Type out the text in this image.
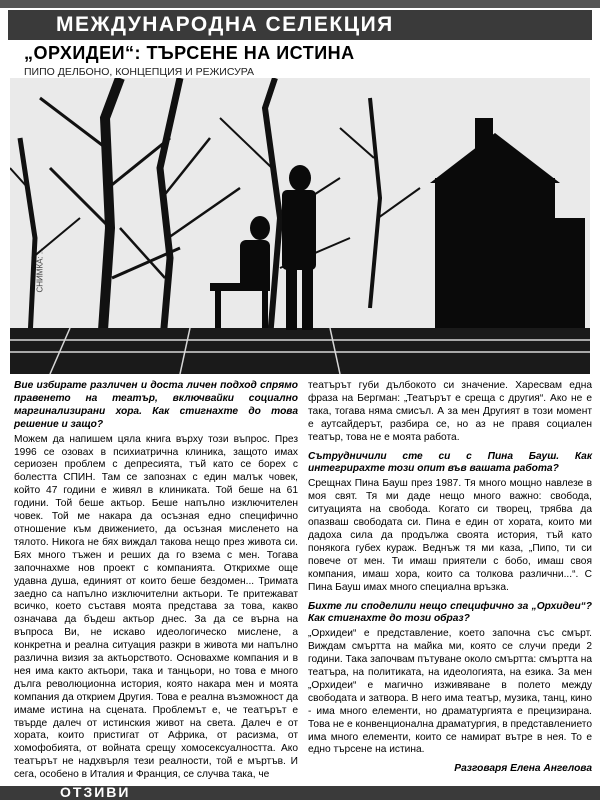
МЕЖДУНАРОДНА СЕЛЕКЦИЯ
„ОРХИДЕИ“: ТЪРСЕНЕ НА ИСТИНА
ПИПО ДЕЛБОНО, КОНЦЕПЦИЯ И РЕЖИСУРА
СНИМКА: ...
Вие избирате различен и доста личен подход спрямо правенето на театър, включвайки социално маргинализирани хора. Как стигнахте до това решение и защо?
Можем да напишем цяла книга върху този въпрос. През 1996 се озовах в психиатрична клиника, защото имах сериозен проблем с депресията, тъй като се борех с болестта СПИН. Там се запознах с един малък човек, който 47 години е живял в клиниката. Той беше на 61 години. Той беше актьор. Беше напълно изключителен човек. Той ме накара да осъзная едно специфично отношение към движението, да осъзная мисленето на тялото. Никога не бях виждал такова нещо през живота си. Бях много тъжен и реших да го взема с мен. Тогава започнахме нов проект с компанията. Открихме още удавна душа, единият от които беше бездомен... Тримата заедно са напълно изключителни актьори. Те притежават всичко, което съставя моята представа за това, какво означава да бъдеш актьор днес. За да се върна на въпроса Ви, не искаво идеологическо мислене, а конкретна и реална ситуация разкри в живота ми напълно различна визия за актьорството. Основахме компания и в нея има както актьори, така и танцьори, но това е много дълга революционна история, която накара мен и моята компания да открием Другия. Това е реална възможност да имаме истина на сцената. Проблемът е, че театърът е твърде далеч от истинския живот на света. Далеч е от хората, които пристигат от Африка, от расизма, от хомофобията, от войната срещу хомосексуалността. Ако театърът не надхвърля тези реалности, той е мъртъв. И сега, особено в Италия и Франция, се случва така, че
театърът губи дълбокото си значение. Харесвам една фраза на Бергман: „Театърът е среща с другия“. Ако не е така, тогава няма смисъл. А за мен Другият в този момент е аутсайдерът, разбира се, но аз не правя социален театър, това не е моята работа.
Сътрудничили сте си с Пина Бауш. Как интегрирахте този опит във вашата работа?
Срещнах Пина Бауш през 1987. Тя много мощно навлезе в моя свят. Тя ми даде нещо много важно: свобода, ситуацията на свобода. Когато си творец, трябва да опазваш свободата си. Пина е един от хората, които ми дадоха сила да продължа своята история, тъй като понякога губех кураж. Веднъж тя ми каза, „Пипо, ти си повече от мен. Ти имаш приятели с бобо, имаш своя компания, имаш хора, които са толкова различни...“. С Пина Бауш имах много специална връзка.
Бихте ли споделили нещо специфично за „Орхидеи“? Как стигнахте до този образ?
„Орхидеи“ е представление, което започна със смърт. Виждам смъртта на майка ми, която се случи преди 2 години. Така започвам пътуване около смъртта: смъртта на театъра, на политиката, на идеологията, на езика. За мен „Орхидеи“ е магично изживяване в полето между свободата и затвора. В него има театър, музика, танц, кино - има много елементи, но драматургията е прецизирана. Това не е конвенционална драматургия, в представлението има много елементи, които се намират вътре в нея. То е едно търсене на истина.
Разговаря Елена Ангелова
ОТЗИВИ
